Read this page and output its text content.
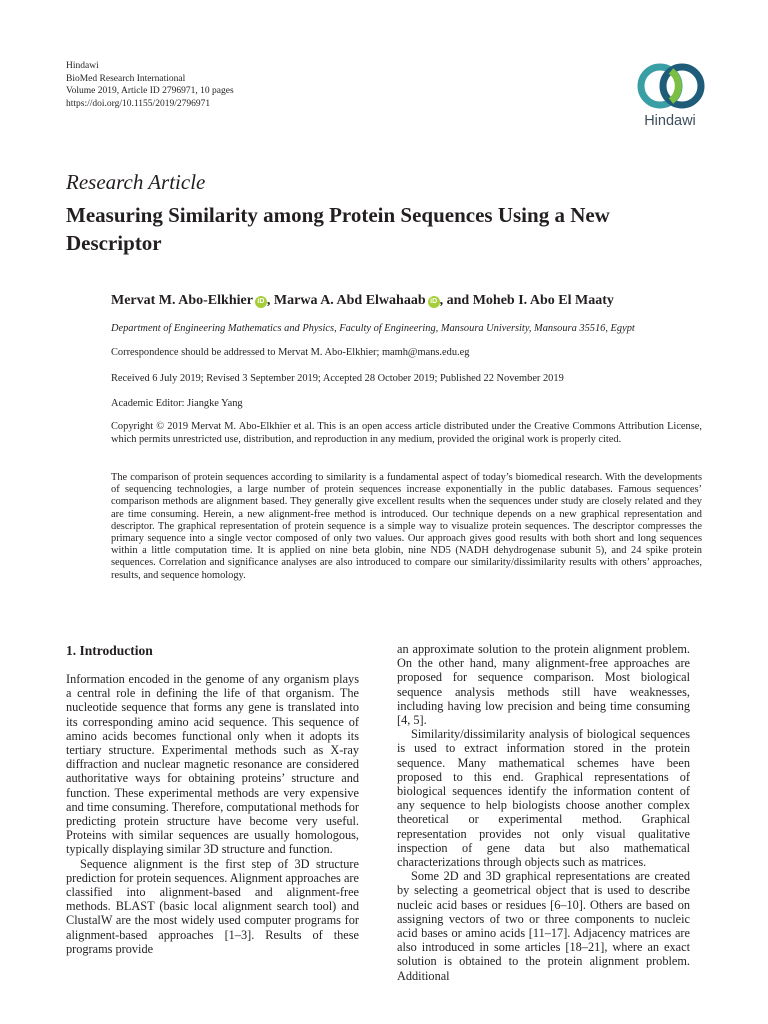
Hindawi
BioMed Research International
Volume 2019, Article ID 2796971, 10 pages
https://doi.org/10.1155/2019/2796971
Hindawi
Research Article
Measuring Similarity among Protein Sequences Using a New Descriptor
Mervat M. Abo-Elkhier iD , Marwa A. Abd Elwahaab iD , and Moheb I. Abo El Maaty
Department of Engineering Mathematics and Physics, Faculty of Engineering, Mansoura University, Mansoura 35516, Egypt
Correspondence should be addressed to Mervat M. Abo-Elkhier; mamh@mans.edu.eg
Received 6 July 2019; Revised 3 September 2019; Accepted 28 October 2019; Published 22 November 2019
Academic Editor: Jiangke Yang
Copyright © 2019 Mervat M. Abo-Elkhier et al. This is an open access article distributed under the Creative Commons Attribution License, which permits unrestricted use, distribution, and reproduction in any medium, provided the original work is properly cited.
The comparison of protein sequences according to similarity is a fundamental aspect of today’s biomedical research. With the developments of sequencing technologies, a large number of protein sequences increase exponentially in the public databases. Famous sequences’ comparison methods are alignment based. They generally give excellent results when the sequences under study are closely related and they are time consuming. Herein, a new alignment-free method is introduced. Our technique depends on a new graphical representation and descriptor. The graphical representation of protein sequence is a simple way to visualize protein sequences. The descriptor compresses the primary sequence into a single vector composed of only two values. Our approach gives good results with both short and long sequences within a little computation time. It is applied on nine beta globin, nine ND5 (NADH dehydrogenase subunit 5), and 24 spike protein sequences. Correlation and significance analyses are also introduced to compare our similarity/dissimilarity results with others’ approaches, results, and sequence homology.
1. Introduction

Information encoded in the genome of any organism plays a central role in defining the life of that organism. The nucleotide sequence that forms any gene is translated into its corresponding amino acid sequence. This sequence of amino acids becomes functional only when it adopts its tertiary structure. Experimental methods such as X-ray diffraction and nuclear magnetic resonance are considered authoritative ways for obtaining proteins’ structure and function. These experimental methods are very expensive and time consuming. Therefore, computational methods for predicting protein structure have become very useful. Proteins with similar sequences are usually homologous, typically displaying similar 3D structure and function.

Sequence alignment is the first step of 3D structure prediction for protein sequences. Alignment approaches are classified into alignment-based and alignment-free methods. BLAST (basic local alignment search tool) and ClustalW are the most widely used computer programs for alignment-based approaches [1–3]. Results of these programs provide

an approximate solution to the protein alignment problem. On the other hand, many alignment-free approaches are proposed for sequence comparison. Most biological sequence analysis methods still have weaknesses, including having low precision and being time consuming [4, 5].

Similarity/dissimilarity analysis of biological sequences is used to extract information stored in the protein sequence. Many mathematical schemes have been proposed to this end. Graphical representations of biological sequences identify the information content of any sequence to help biologists choose another complex theoretical or experimental method. Graphical representation provides not only visual qualitative inspection of gene data but also mathematical characterizations through objects such as matrices.

Some 2D and 3D graphical representations are created by selecting a geometrical object that is used to describe nucleic acid bases or residues [6–10]. Others are based on assigning vectors of two or three components to nucleic acid bases or amino acids [11–17]. Adjacency matrices are also introduced in some articles [18–21], where an exact solution is obtained to the protein alignment problem. Additional
